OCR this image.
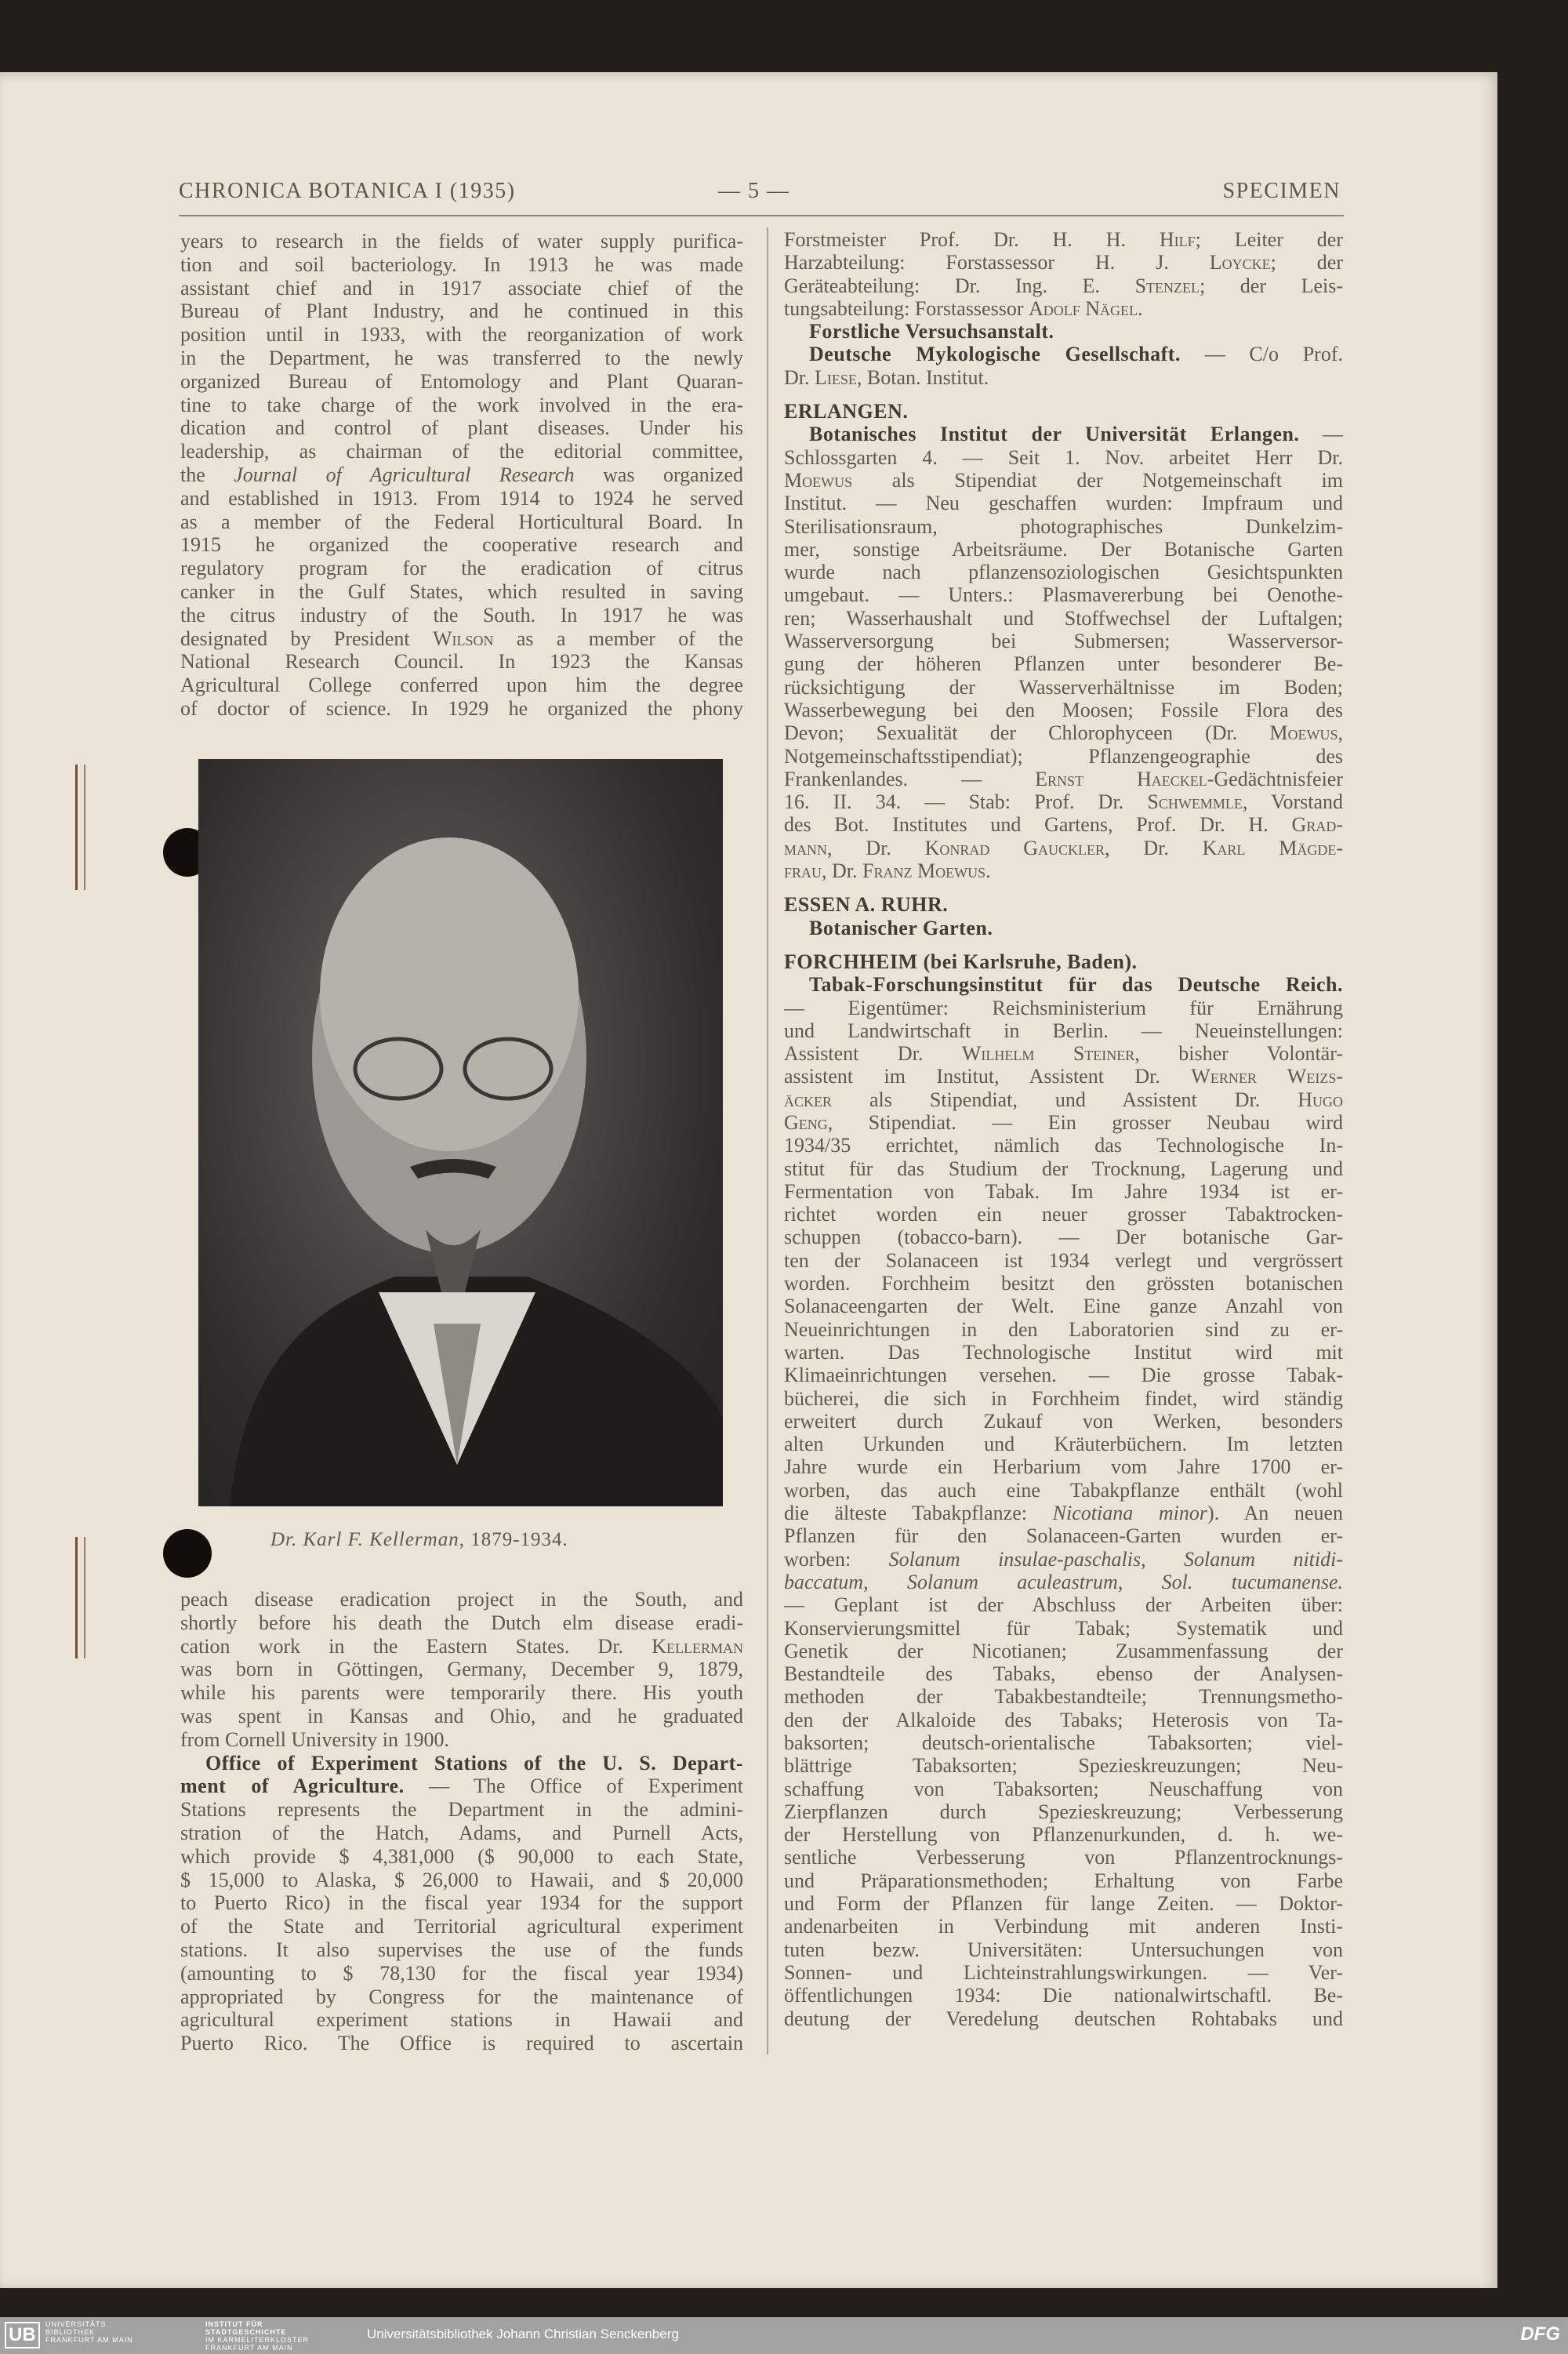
CHRONICA BOTANICA I (1935)	— 5 —	SPECIMEN
years to research in the fields of water supply purifica-
tion and soil bacteriology. In 1913 he was made
assistant chief and in 1917 associate chief of the
Bureau of Plant Industry, and he continued in this
position until in 1933, with the reorganization of work
in the Department, he was transferred to the newly
organized Bureau of Entomology and Plant Quaran-
tine to take charge of the work involved in the era-
dication and control of plant diseases. Under his
leadership, as chairman of the editorial committee,
the Journal of Agricultural Research was organized
and established in 1913. From 1914 to 1924 he served
as a member of the Federal Horticultural Board. In
1915 he organized the cooperative research and
regulatory program for the eradication of citrus
canker in the Gulf States, which resulted in saving
the citrus industry of the South. In 1917 he was
designated by President Wilson as a member of the
National Research Council. In 1923 the Kansas
Agricultural College conferred upon him the degree
of doctor of science. In 1929 he organized the phony
Dr. Karl F. Kellerman, 1879-1934.
peach disease eradication project in the South, and
shortly before his death the Dutch elm disease eradi-
cation work in the Eastern States. Dr. Kellerman
was born in Göttingen, Germany, December 9, 1879,
while his parents were temporarily there. His youth
was spent in Kansas and Ohio, and he graduated
from Cornell University in 1900.
Office of Experiment Stations of the U. S. Depart-
ment of Agriculture. — The Office of Experiment
Stations represents the Department in the admini-
stration of the Hatch, Adams, and Purnell Acts,
which provide $ 4,381,000 ($ 90,000 to each State,
$ 15,000 to Alaska, $ 26,000 to Hawaii, and $ 20,000
to Puerto Rico) in the fiscal year 1934 for the support
of the State and Territorial agricultural experiment
stations. It also supervises the use of the funds
(amounting to $ 78,130 for the fiscal year 1934)
appropriated by Congress for the maintenance of
agricultural experiment stations in Hawaii and
Puerto Rico. The Office is required to ascertain
Forstmeister Prof. Dr. H. H. Hilf; Leiter der
Harzabteilung: Forstassessor H. J. Loycke; der
Geräteabteilung: Dr. Ing. E. Stenzel; der Leis-
tungsabteilung: Forstassessor Adolf Nägel.
Forstliche Versuchsanstalt.
Deutsche Mykologische Gesellschaft. — C/o Prof.
Dr. Liese, Botan. Institut.
ERLANGEN.
Botanisches Institut der Universität Erlangen. —
Schlossgarten 4. — Seit 1. Nov. arbeitet Herr Dr.
Moewus als Stipendiat der Notgemeinschaft im
Institut. — Neu geschaffen wurden: Impfraum und
Sterilisationsraum, photographisches Dunkelzim-
mer, sonstige Arbeitsräume. Der Botanische Garten
wurde nach pflanzensoziologischen Gesichtspunkten
umgebaut. — Unters.: Plasmavererbung bei Oenothe-
ren; Wasserhaushalt und Stoffwechsel der Luftalgen;
Wasserversorgung bei Submersen; Wasserversor-
gung der höheren Pflanzen unter besonderer Be-
rücksichtigung der Wasserverhältnisse im Boden;
Wasserbewegung bei den Moosen; Fossile Flora des
Devon; Sexualität der Chlorophyceen (Dr. Moewus,
Notgemeinschaftsstipendiat); Pflanzengeographie des
Frankenlandes. — Ernst Haeckel-Gedächtnisfeier
16. II. 34. — Stab: Prof. Dr. Schwemmle, Vorstand
des Bot. Institutes und Gartens, Prof. Dr. H. Grad-
mann, Dr. Konrad Gauckler, Dr. Karl Mägde-
frau, Dr. Franz Moewus.
ESSEN A. RUHR.
Botanischer Garten.
FORCHHEIM (bei Karlsruhe, Baden).
Tabak-Forschungsinstitut für das Deutsche Reich.
— Eigentümer: Reichsministerium für Ernährung
und Landwirtschaft in Berlin. — Neueinstellungen:
Assistent Dr. Wilhelm Steiner, bisher Volontär-
assistent im Institut, Assistent Dr. Werner Weizs-
äcker als Stipendiat, und Assistent Dr. Hugo
Geng, Stipendiat. — Ein grosser Neubau wird
1934/35 errichtet, nämlich das Technologische In-
stitut für das Studium der Trocknung, Lagerung und
Fermentation von Tabak. Im Jahre 1934 ist er-
richtet worden ein neuer grosser Tabaktrocken-
schuppen (tobacco-barn). — Der botanische Gar-
ten der Solanaceen ist 1934 verlegt und vergrössert
worden. Forchheim besitzt den grössten botanischen
Solanaceengarten der Welt. Eine ganze Anzahl von
Neueinrichtungen in den Laboratorien sind zu er-
warten. Das Technologische Institut wird mit
Klimaeinrichtungen versehen. — Die grosse Tabak-
bücherei, die sich in Forchheim findet, wird ständig
erweitert durch Zukauf von Werken, besonders
alten Urkunden und Kräuterbüchern. Im letzten
Jahre wurde ein Herbarium vom Jahre 1700 er-
worben, das auch eine Tabakpflanze enthält (wohl
die älteste Tabakpflanze: Nicotiana minor). An neuen
Pflanzen für den Solanaceen-Garten wurden er-
worben: Solanum insulae-paschalis, Solanum nitidi-
baccatum, Solanum aculeastrum, Sol. tucumanense.
— Geplant ist der Abschluss der Arbeiten über:
Konservierungsmittel für Tabak; Systematik und
Genetik der Nicotianen; Zusammenfassung der
Bestandteile des Tabaks, ebenso der Analysen-
methoden der Tabakbestandteile; Trennungsmetho-
den der Alkaloide des Tabaks; Heterosis von Ta-
baksorten; deutsch-orientalische Tabaksorten; viel-
blättrige Tabaksorten; Spezieskreuzungen; Neu-
schaffung von Tabaksorten; Neuschaffung von
Zierpflanzen durch Spezieskreuzung; Verbesserung
der Herstellung von Pflanzenurkunden, d. h. we-
sentliche Verbesserung von Pflanzentrocknungs-
und Präparationsmethoden; Erhaltung von Farbe
und Form der Pflanzen für lange Zeiten. — Doktor-
andenarbeiten in Verbindung mit anderen Insti-
tuten bezw. Universitäten: Untersuchungen von
Sonnen- und Lichteinstrahlungswirkungen. — Ver-
öffentlichungen 1934: Die nationalwirtschaftl. Be-
deutung der Veredelung deutschen Rohtabaks und
UB	UNIVERSITÄTS
BIBLIOTHEK
FRANKFURT AM MAIN
INSTITUT FÜR
STADTGESCHICHTE
IM KARMELITERKLOSTER
FRANKFURT AM MAIN
Universitätsbibliothek Johann Christian Senckenberg	DFG
